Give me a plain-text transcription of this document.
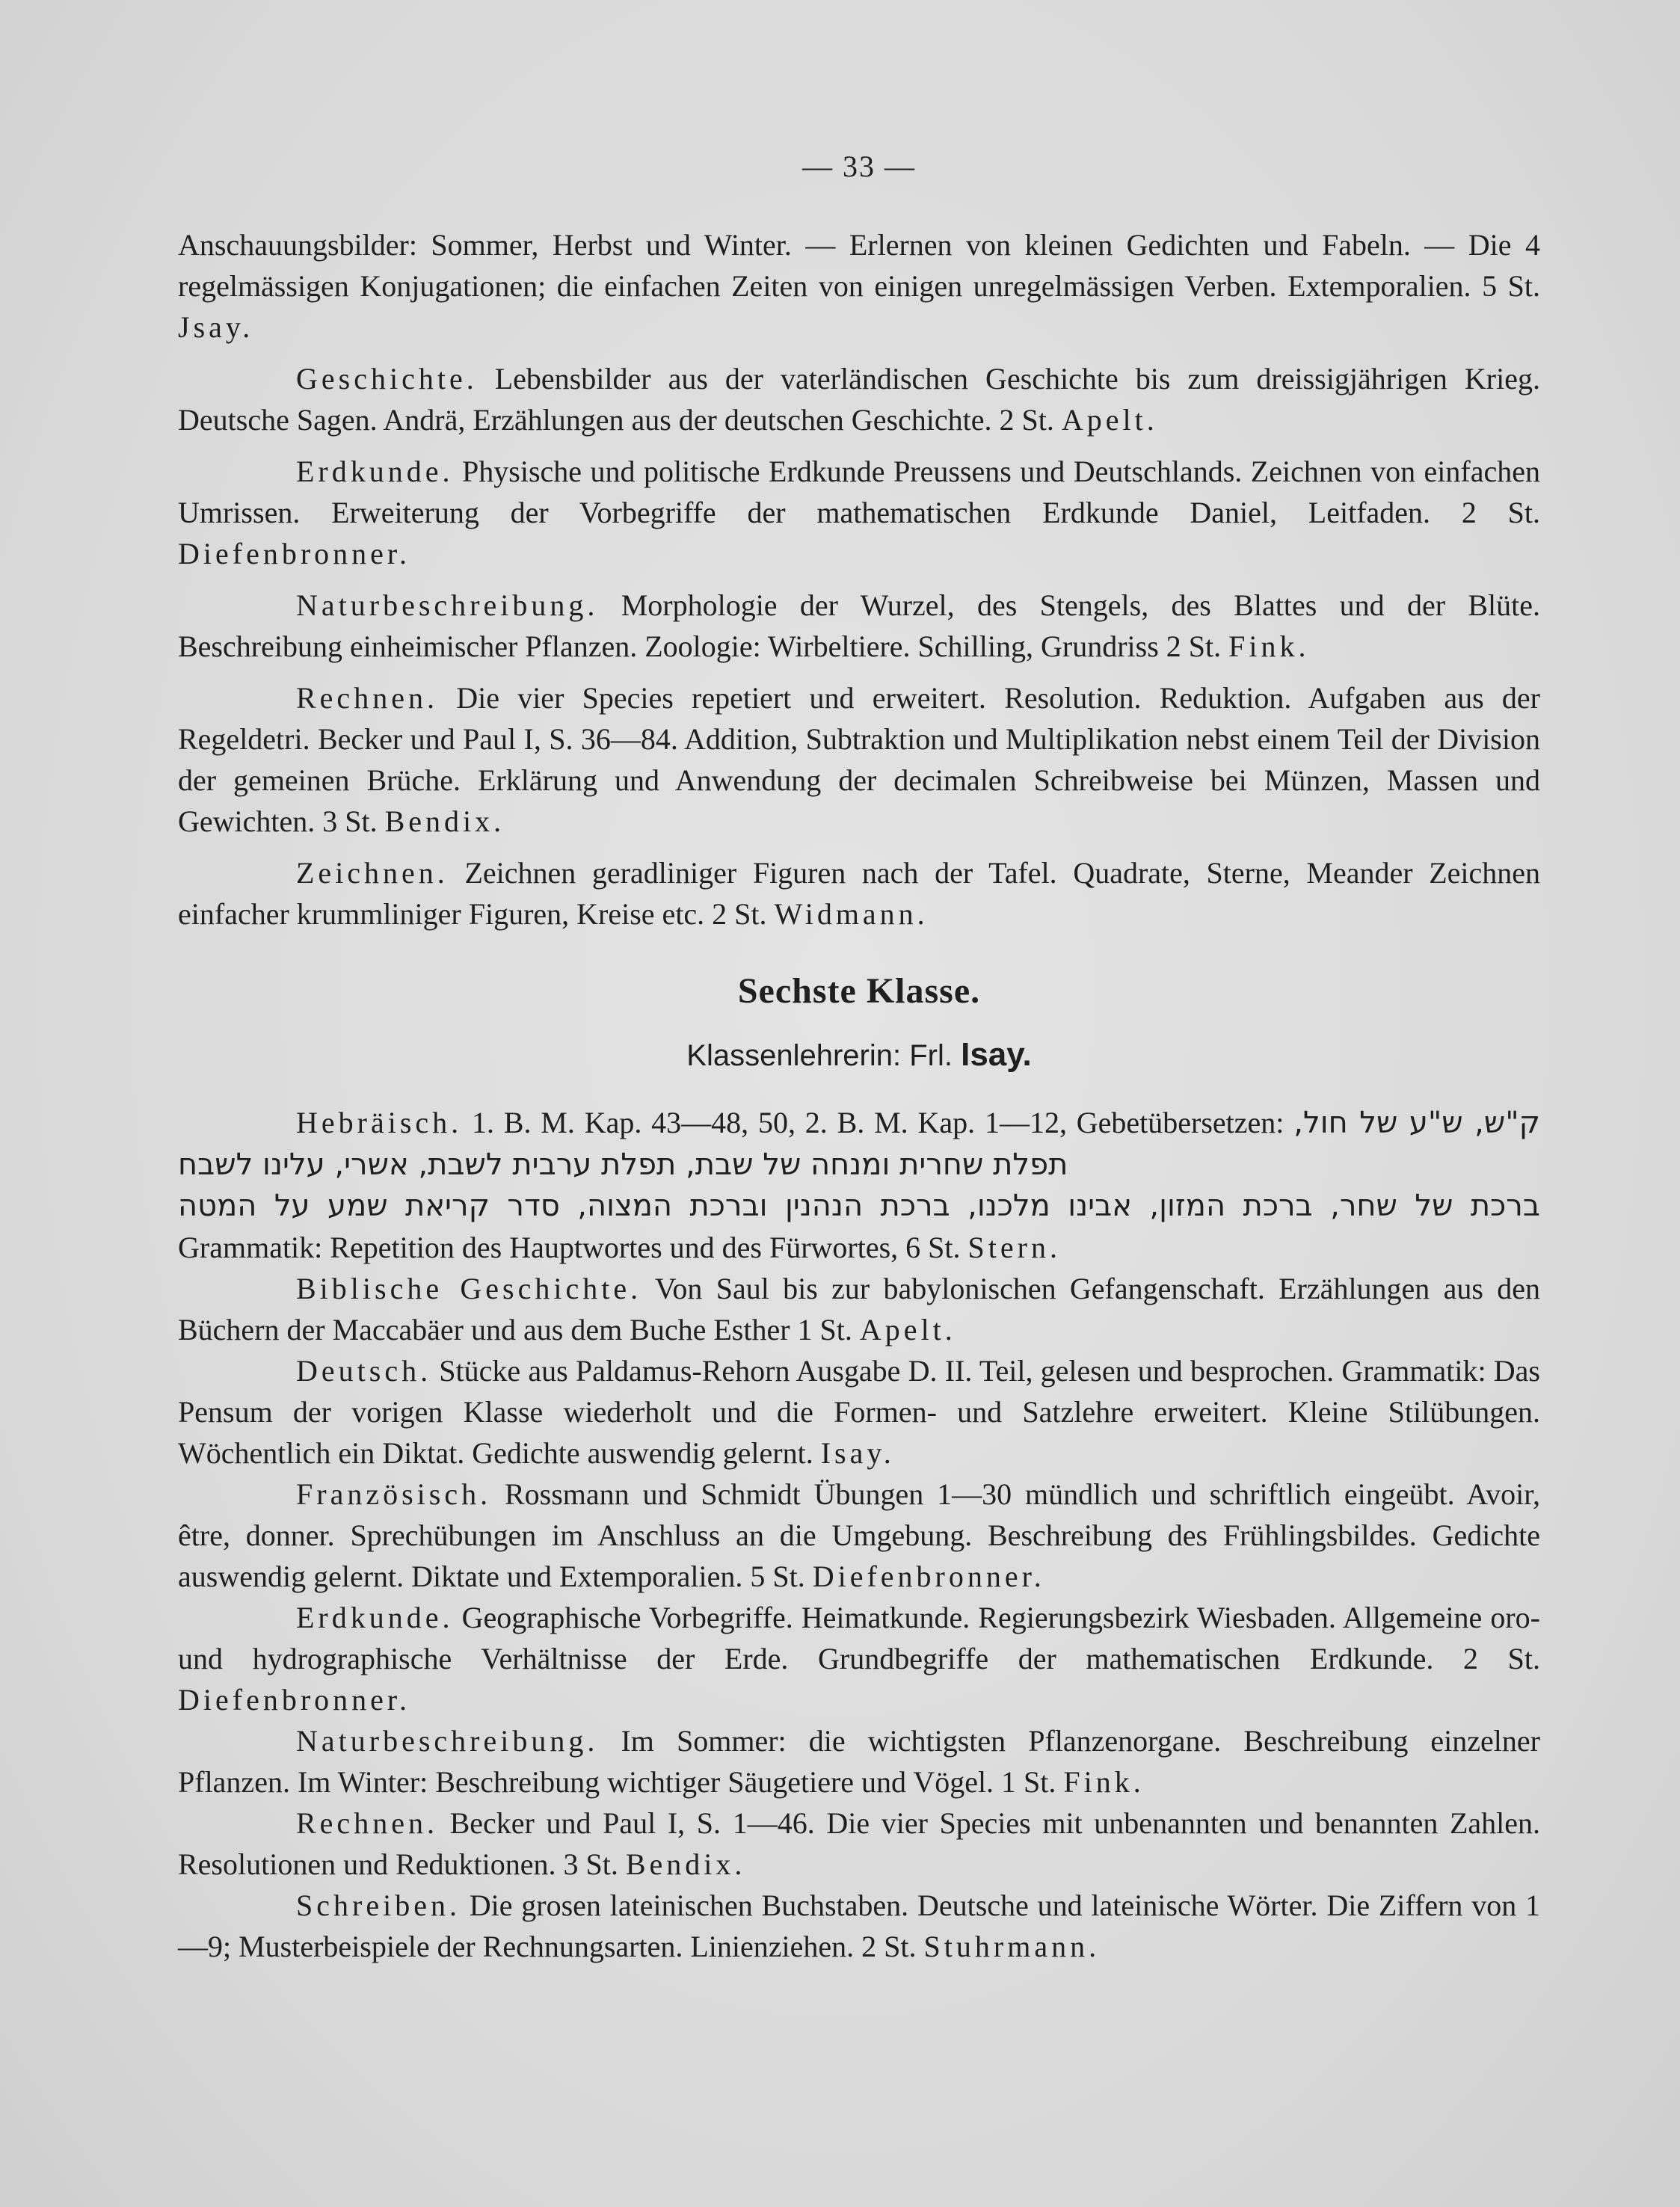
— 33 —

Anschauungsbilder: Sommer, Herbst und Winter. — Erlernen von kleinen Gedichten und Fabeln. — Die 4 regelmässigen Konjugationen; die einfachen Zeiten von einigen unregelmässigen Verben. Extemporalien. 5 St. Jsay.

Geschichte. Lebensbilder aus der vaterländischen Geschichte bis zum dreissigjährigen Krieg. Deutsche Sagen. Andrä, Erzählungen aus der deutschen Geschichte. 2 St. Apelt.

Erdkunde. Physische und politische Erdkunde Preussens und Deutschlands. Zeichnen von einfachen Umrissen. Erweiterung der Vorbegriffe der mathematischen Erdkunde Daniel, Leitfaden. 2 St. Diefenbronner.

Naturbeschreibung. Morphologie der Wurzel, des Stengels, des Blattes und der Blüte. Beschreibung einheimischer Pflanzen. Zoologie: Wirbeltiere. Schilling, Grundriss 2 St. Fink.

Rechnen. Die vier Species repetiert und erweitert. Resolution. Reduktion. Aufgaben aus der Regeldetri. Becker und Paul I, S. 36—84. Addition, Subtraktion und Multiplikation nebst einem Teil der Division der gemeinen Brüche. Erklärung und Anwendung der decimalen Schreibweise bei Münzen, Massen und Gewichten. 3 St. Bendix.

Zeichnen. Zeichnen geradliniger Figuren nach der Tafel. Quadrate, Sterne, Meander Zeichnen einfacher krummliniger Figuren, Kreise etc. 2 St. Widmann.

Sechste Klasse.
Klassenlehrerin: Frl. Isay.

Hebräisch. 1. B. M. Kap. 43—48, 50, 2. B. M. Kap. 1—12, Gebetübersetzen: ק"ש, ש"ע של חול, תפלת שחרית ומנחה של שבת, תפלת ערבית לשבת, אשרי, עלינו לשבח

ברכת של שחר, ברכת המזון, אבינו מלכנו, ברכת הנהנין וברכת המצוה, סדר קריאת שמע על המטה

Grammatik: Repetition des Hauptwortes und des Fürwortes, 6 St. Stern.

Biblische Geschichte. Von Saul bis zur babylonischen Gefangenschaft. Erzählungen aus den Büchern der Maccabäer und aus dem Buche Esther 1 St. Apelt.

Deutsch. Stücke aus Paldamus-Rehorn Ausgabe D. II. Teil, gelesen und besprochen. Grammatik: Das Pensum der vorigen Klasse wiederholt und die Formen- und Satzlehre erweitert. Kleine Stilübungen. Wöchentlich ein Diktat. Gedichte auswendig gelernt. Isay.

Französisch. Rossmann und Schmidt Übungen 1—30 mündlich und schriftlich eingeübt. Avoir, être, donner. Sprechübungen im Anschluss an die Umgebung. Beschreibung des Frühlingsbildes. Gedichte auswendig gelernt. Diktate und Extemporalien. 5 St. Diefenbronner.

Erdkunde. Geographische Vorbegriffe. Heimatkunde. Regierungsbezirk Wiesbaden. Allgemeine oro- und hydrographische Verhältnisse der Erde. Grundbegriffe der mathematischen Erdkunde. 2 St. Diefenbronner.

Naturbeschreibung. Im Sommer: die wichtigsten Pflanzenorgane. Beschreibung einzelner Pflanzen. Im Winter: Beschreibung wichtiger Säugetiere und Vögel. 1 St. Fink.

Rechnen. Becker und Paul I, S. 1—46. Die vier Species mit unbenannten und benannten Zahlen. Resolutionen und Reduktionen. 3 St. Bendix.

Schreiben. Die grosen lateinischen Buchstaben. Deutsche und lateinische Wörter. Die Ziffern von 1—9; Musterbeispiele der Rechnungsarten. Linienziehen. 2 St. Stuhrmann.
